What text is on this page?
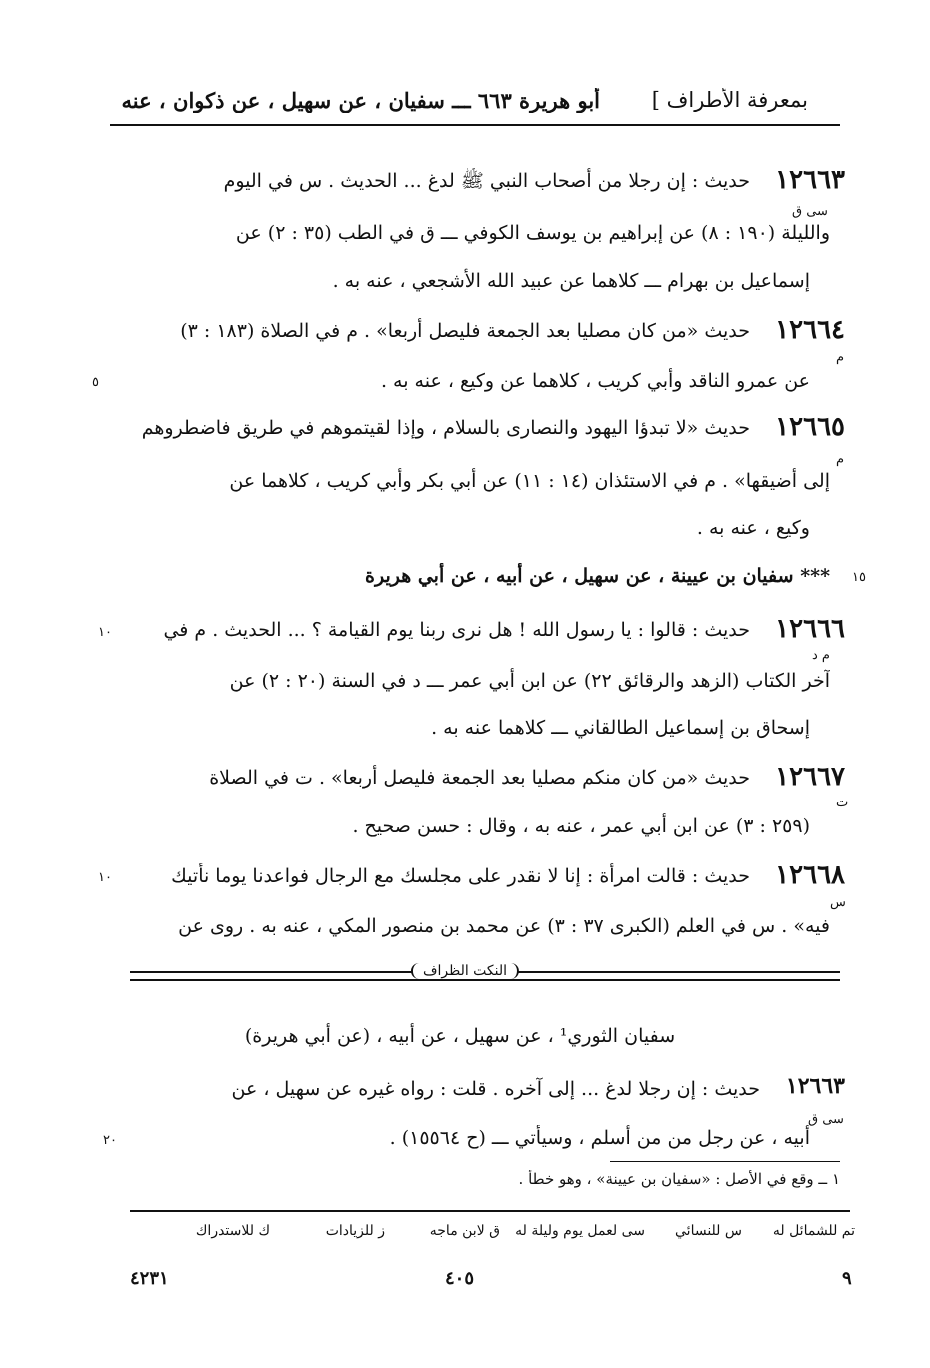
أبو هريرة ٦٦٣ ـــ سفيان ، عن سهيل ، عن ذكوان ، عنه	بمعرفة الأطراف ]
١٢٦٦٣
حديث : إن رجلا من أصحاب النبي ﷺ لدغ ... الحديث . س في اليوم
سى ق
والليلة (١٩٠ : ٨) عن إبراهيم بن يوسف الكوفي ـــ ق في الطب (٣٥ : ٢) عن
إسماعيل بن بهرام ـــ كلاهما عن عبيد الله الأشجعي ، عنه به .
١٢٦٦٤
حديث «من كان مصليا بعد الجمعة فليصل أربعا» . م في الصلاة (١٨٣ : ٣)
م
٥	عن عمرو الناقد وأبي كريب ، كلاهما عن وكيع ، عنه به .
١٢٦٦٥
حديث «لا تبدؤا اليهود والنصارى بالسلام ، وإذا لقيتموهم في طريق فاضطروهم
م
إلى أضيقها» . م في الاستئذان (١٤ : ١١) عن أبي بكر وأبي كريب ، كلاهما عن
وكيع ، عنه به .
١٥
*** سفيان بن عيينة ، عن سهيل ، عن أبيه ، عن أبي هريرة
١٢٦٦٦
حديث : قالوا : يا رسول الله ! هل نرى ربنا يوم القيامة ؟ ... الحديث . م في
١٠
م د
آخر الكتاب (الزهد والرقائق ٢٢) عن ابن أبي عمر ـــ د في السنة (٢٠ : ٢) عن
إسحاق بن إسماعيل الطالقاني ـــ كلاهما عنه به .
١٢٦٦٧
حديث «من كان منكم مصليا بعد الجمعة فليصل أربعا» . ت في الصلاة
ت
(٢٥٩ : ٣) عن ابن أبي عمر ، عنه به ، وقال : حسن صحيح .
١٢٦٦٨
حديث : قالت امرأة : إنا لا نقدر على مجلسك مع الرجال فواعدنا يوما نأتيك
١٠
س
فيه» . س في العلم (الكبرى ٣٧ : ٣) عن محمد بن منصور المكي ، عنه به . روى عن
النكت الظراف
سفيان الثوري¹ ، عن سهيل ، عن أبيه ، (عن أبي هريرة)
١٢٦٦٣
حديث : إن رجلا لدغ ... إلى آخره . قلت : رواه غيره عن سهيل ، عن
سى ق
٢٠	أبيه ، عن رجل من من أسلم ، وسيأتي ـــ (ح ١٥٥٦٤) .
١ ــ وقع في الأصل : «سفيان بن عيينة» ، وهو خطأ .
تم للشمائل له
س للنسائي
سى لعمل يوم وليلة له
ق لابن ماجه
ز للزيادات
ك للاستدراك
٩
٤٠٥
٤٢٣١
